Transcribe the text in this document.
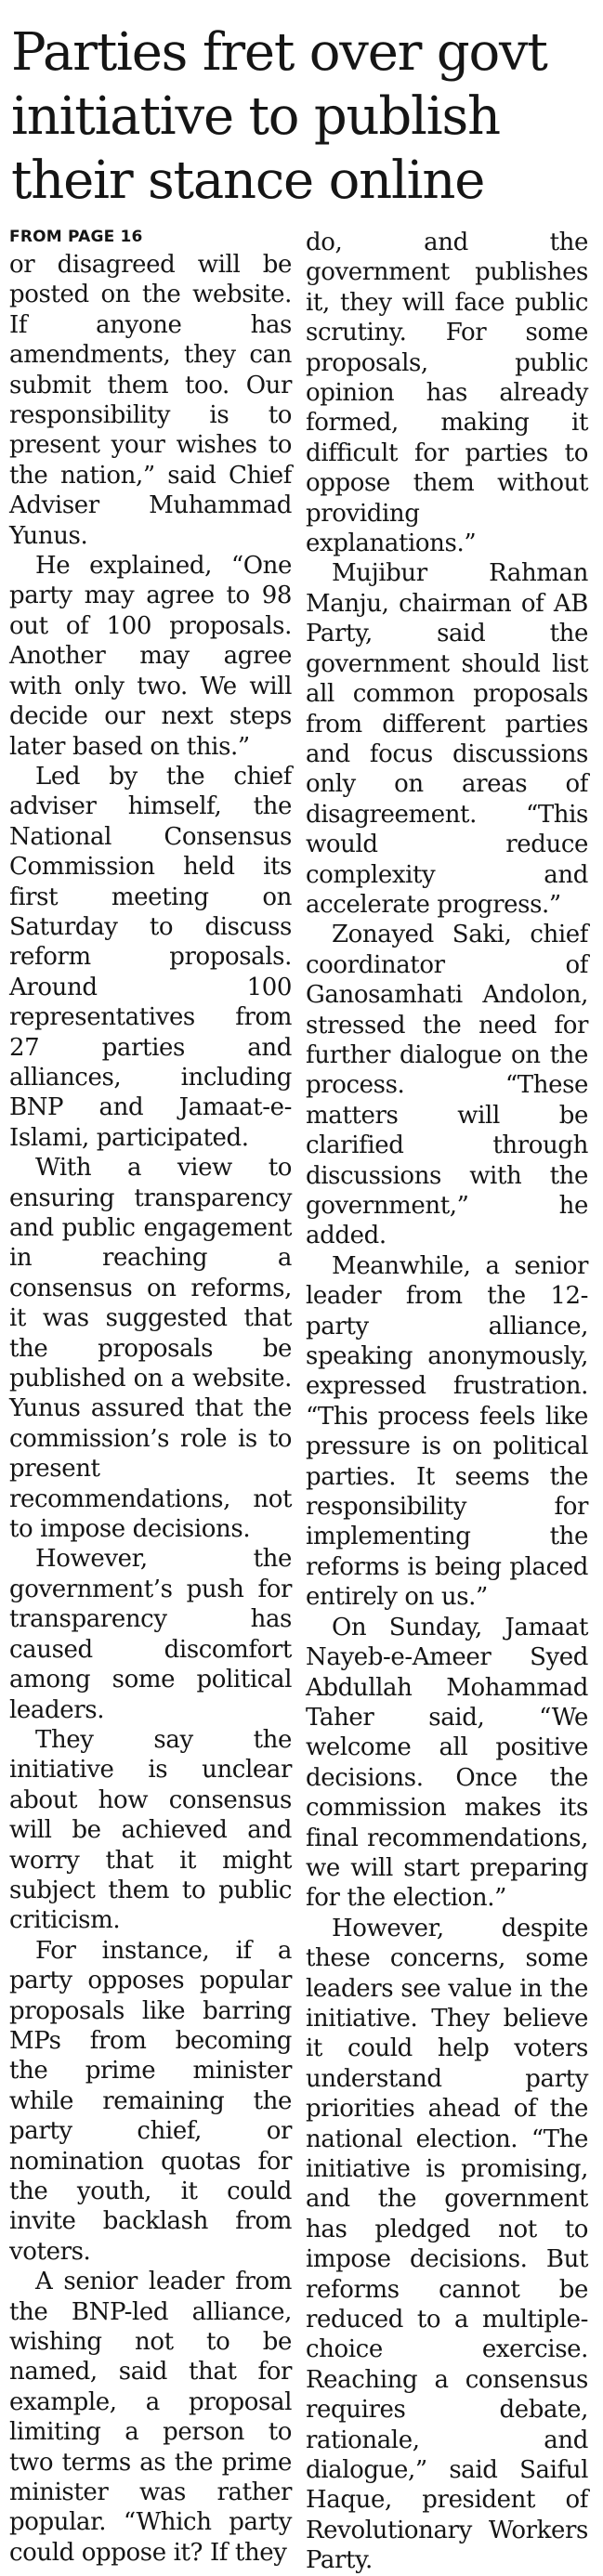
Parties fret over govt
initiative to publish
their stance online
FROM PAGE 16

or disagreed will be posted on the website. If anyone has amendments, they can submit them too. Our responsibility is to present your wishes to the nation,” said Chief Adviser Muhammad Yunus.

He explained, “One party may agree to 98 out of 100 proposals. Another may agree with only two. We will decide our next steps later based on this.”

Led by the chief adviser himself, the National Consensus Commission held its first meeting on Saturday to discuss reform proposals. Around 100 representatives from 27 parties and alliances, including BNP and Jamaat-e-Islami, participated.

With a view to ensuring transparency and public engagement in reaching a consensus on reforms, it was suggested that the proposals be published on a website. Yunus assured that the commission’s role is to present recommendations, not to impose decisions.

However, the government’s push for transparency has caused discomfort among some political leaders.

They say the initiative is unclear about how consensus will be achieved and worry that it might subject them to public criticism.

For instance, if a party opposes popular proposals like barring MPs from becoming the prime minister while remaining the party chief, or nomination quotas for the youth, it could invite backlash from voters.

A senior leader from the BNP-led alliance, wishing not to be named, said that for example, a proposal limiting a person to two terms as the prime minister was rather popular. “Which party could oppose it? If they

do, and the government publishes it, they will face public scrutiny. For some proposals, public opinion has already formed, making it difficult for parties to oppose them without providing explanations.”

Mujibur Rahman Manju, chairman of AB Party, said the government should list all common proposals from different parties and focus discussions only on areas of disagreement. “This would reduce complexity and accelerate progress.”

Zonayed Saki, chief coordinator of Ganosamhati Andolon, stressed the need for further dialogue on the process. “These matters will be clarified through discussions with the government,” he added.

Meanwhile, a senior leader from the 12-party alliance, speaking anonymously, expressed frustration. “This process feels like pressure is on political parties. It seems the responsibility for implementing the reforms is being placed entirely on us.”

On Sunday, Jamaat Nayeb-e-Ameer Syed Abdullah Mohammad Taher said, “We welcome all positive decisions. Once the commission makes its final recommendations, we will start preparing for the election.”

However, despite these concerns, some leaders see value in the initiative. They believe it could help voters understand party priorities ahead of the national election. “The initiative is promising, and the government has pledged not to impose decisions. But reforms cannot be reduced to a multiple-choice exercise. Reaching a consensus requires debate, rationale, and dialogue,” said Saiful Haque, president of Revolutionary Workers Party.
